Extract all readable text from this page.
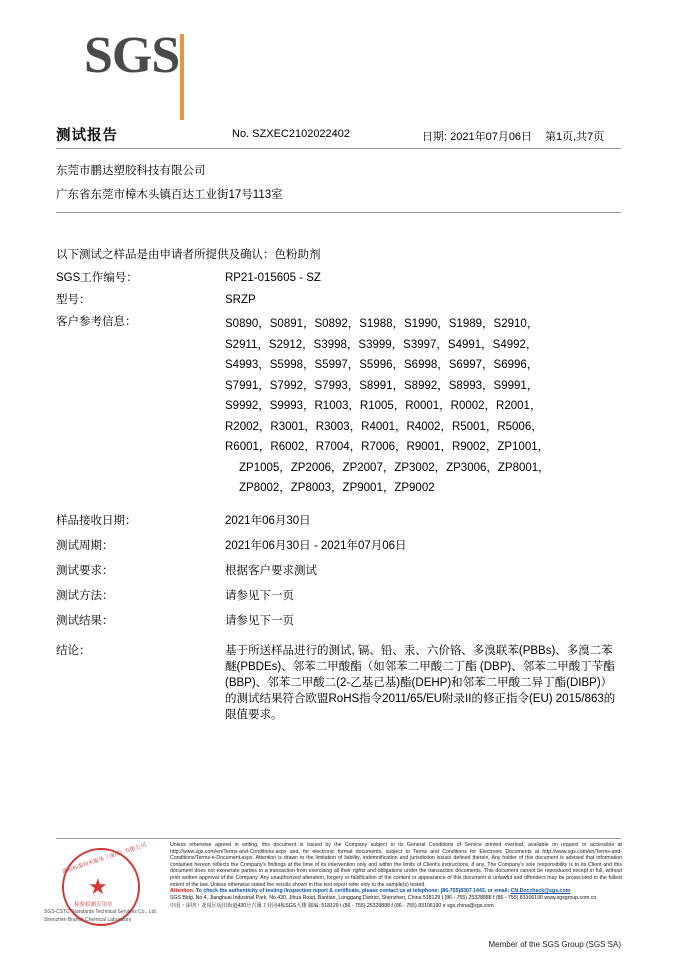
SGS
测试报告	No. SZXEC2102022402	日期: 2021年07月06日 第1页,共7页
东莞市鹏达塑胶科技有限公司
广东省东莞市樟木头镇百达工业街17号113室
以下测试之样品是由申请者所提供及确认：色粉助剂
SGS工作编号：	RP21-015605 - SZ
型号：	SRZP
客户参考信息：	S0890，S0891，S0892，S1988，S1990，S1989，S2910，
S2911，S2912，S3998，S3999，S3997，S4991，S4992，
S4993，S5998，S5997，S5996，S6998，S6997，S6996，
S7991，S7992，S7993，S8991，S8992，S8993，S9991，
S9992，S9993，R1003，R1005，R0001，R0002，R2001，
R2002，R3001，R3003，R4001，R4002，R5001，R5006，
R6001，R6002，R7004，R7006，R9001，R9002，ZP1001，
ZP1005，ZP2006，ZP2007，ZP3002，ZP3006，ZP8001，
ZP8002，ZP8003，ZP9001，ZP9002
样品接收日期：	2021年06月30日
测试周期：	2021年06月30日 - 2021年07月06日
测试要求：	根据客户要求测试
测试方法：	请参见下一页
测试结果：	请参见下一页
结论：	基于所送样品进行的测试, 镉、铅、汞、六价铬、多溴联苯(PBBs)、多溴二苯醚(PBDEs)、邻苯二甲酸酯（如邻苯二甲酸二丁酯 (DBP)、邻苯二甲酸丁苄酯(BBP)、邻苯二甲酸二(2-乙基己基)酯(DEHP)和邻苯二甲酸二异丁酯(DIBP)）的测试结果符合欧盟RoHS指令2011/65/EU附录II的修正指令(EU) 2015/863的限值要求。
★
通标标准技术服务（深圳）有限公司
检验检测专用章
SGS-CSTC Standards Technical Services Co., Ltd.
Shenzhen Branch Chemical Laboratory
Unless otherwise agreed in writing, this document is issued by the Company subject to its General Conditions of Service printed overleaf, available on request or accessible at http://www.sgs.com/en/Terms-and-Conditions.aspx and, for electronic format documents, subject to Terms and Conditions for Electronic Documents at http://www.sgs.com/en/Terms-and-Conditions/Terms-e-Document.aspx. Attention is drawn to the limitation of liability, indemnification and jurisdiction issues defined therein. Any holder of this document is advised that information contained hereon reflects the Company's findings at the time of its intervention only and within the limits of Client's instructions, if any. The Company's sole responsibility is to its Client and this document does not exonerate parties to a transaction from exercising all their rights and obligations under the transaction documents. This document cannot be reproduced except in full, without prior written approval of the Company. Any unauthorized alteration, forgery or falsification of the content or appearance of this document is unlawful and offenders may be prosecuted to the fullest extent of the law. Unless otherwise stated the results shown in this test report refer only to the sample(s) tested.
Attention: To check the authenticity of testing /inspection report & certificate, please contact us at telephone: (86-755)8307 1443, or email: CN.Doccheck@sgs.com
SGS Bldg, No.4, Jianghuai Industrial Park, No.430, Jihua Road, Bantian, Longgang District, Shenzhen, China 518129 t (86 - 755) 25328888 f (86 - 755) 83106190 www.sgsgroup.com.cn
中国・深圳・龙岗区坂田街道430号吉溪工业园4栋SGS大楼 邮编: 518129 t (86 - 755) 25328888 f (86 - 755) 83106190 e sgs.china@sgs.com
Member of the SGS Group (SGS SA)
